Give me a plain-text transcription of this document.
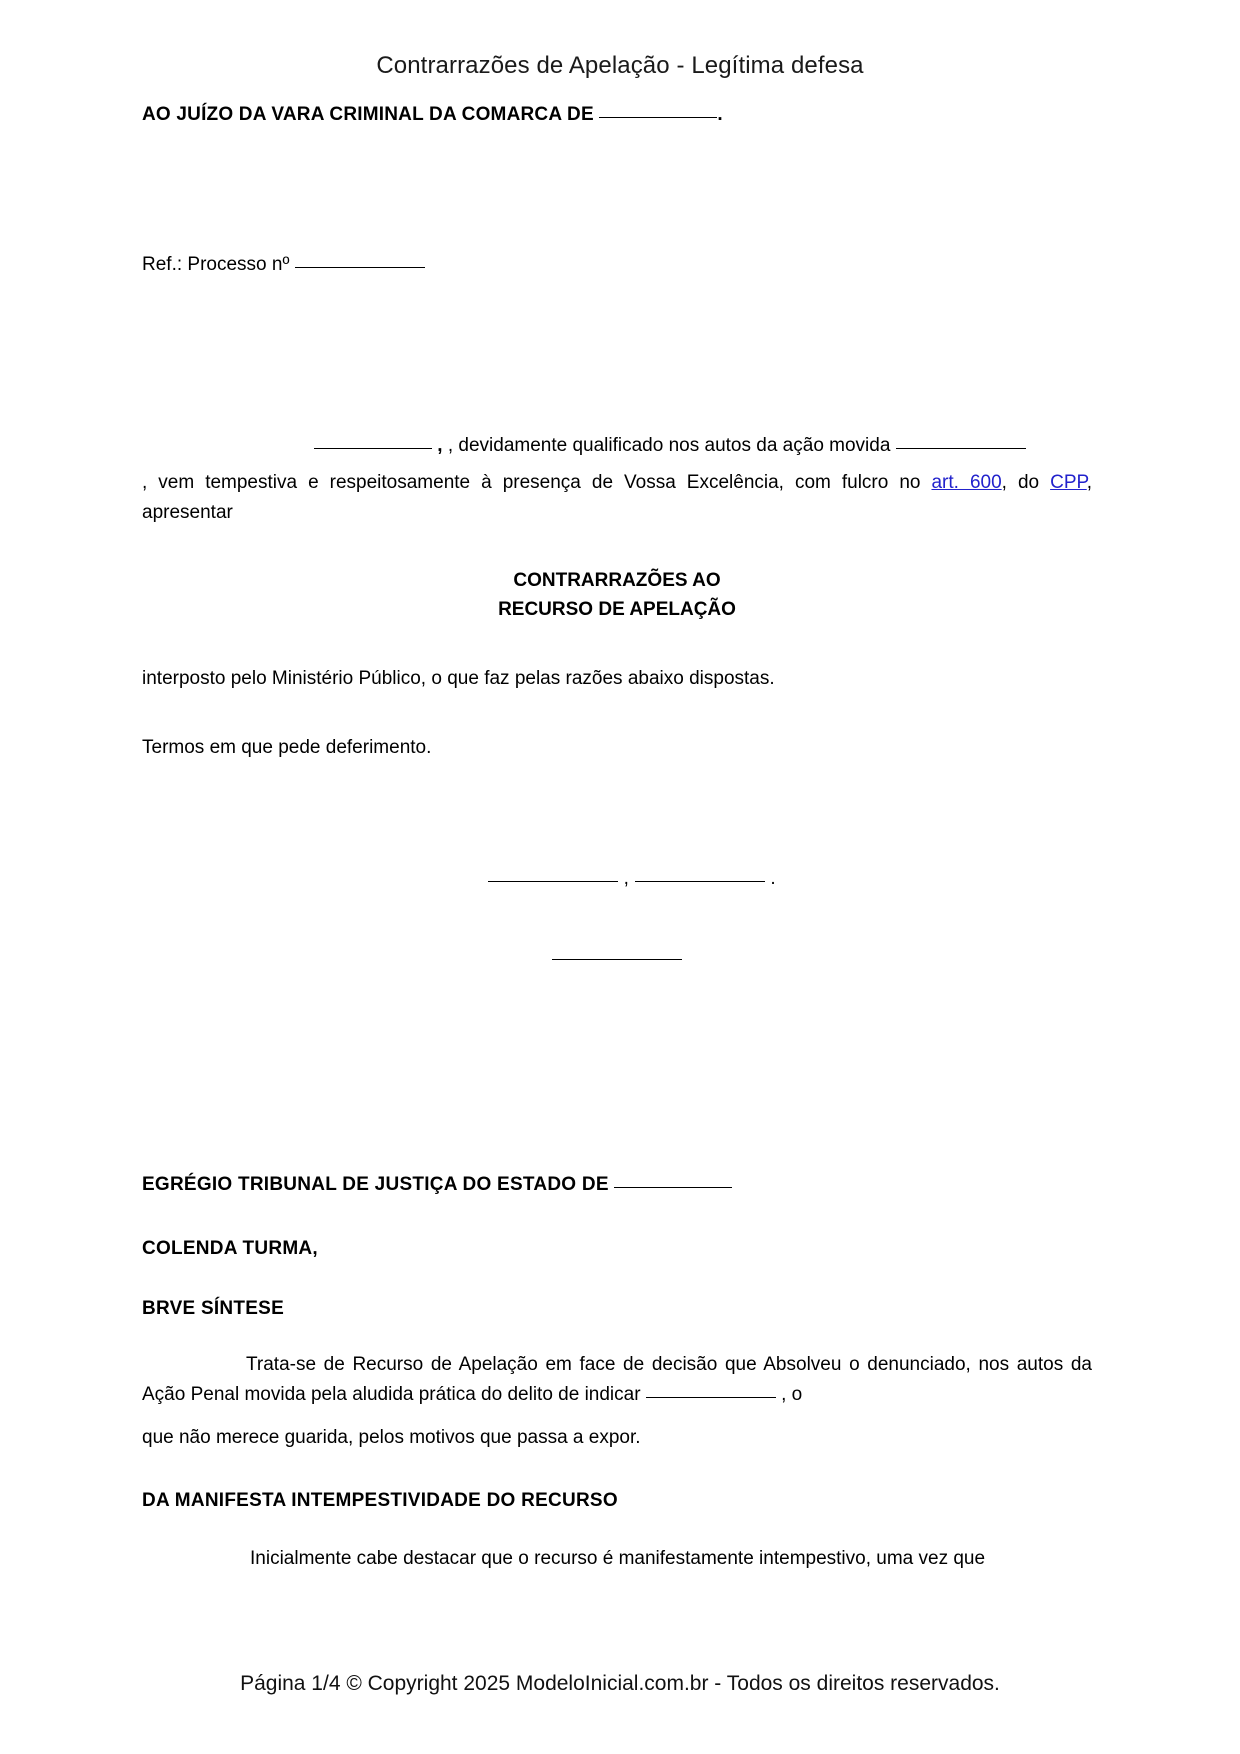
Contrarrazões de Apelação - Legítima defesa
AO JUÍZO DA VARA CRIMINAL DA COMARCA DE	.
Ref.: Processo nº
, , devidamente qualificado nos autos da ação movida
, vem tempestiva e respeitosamente à presença de Vossa Excelência, com fulcro no art. 600, do CPP, apresentar
CONTRARRAZÕES AO
RECURSO DE APELAÇÃO
interposto pelo Ministério Público, o que faz pelas razões abaixo dispostas.
Termos em que pede deferimento.
,	.
EGRÉGIO TRIBUNAL DE JUSTIÇA DO ESTADO DE
COLENDA TURMA,
BRVE SÍNTESE
Trata-se de Recurso de Apelação em face de decisão que Absolveu o denunciado, nos autos da Ação Penal movida pela aludida prática do delito de indicar	, o
que não merece guarida, pelos motivos que passa a expor.
DA MANIFESTA INTEMPESTIVIDADE DO RECURSO
Inicialmente cabe destacar que o recurso é manifestamente intempestivo, uma vez que
Página 1/4 © Copyright 2025 ModeloInicial.com.br - Todos os direitos reservados.
